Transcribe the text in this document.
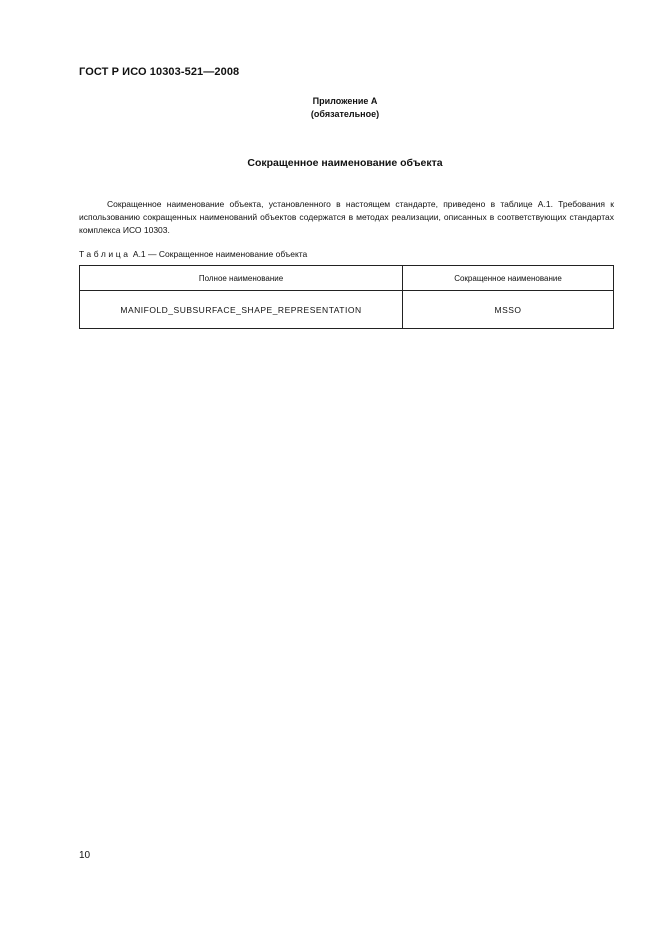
ГОСТ Р ИСО 10303-521—2008
Приложение А
(обязательное)
Сокращенное наименование объекта

Сокращенное наименование объекта, установленного в настоящем стандарте, приведено в таблице А.1. Требования к использованию сокращенных наименований объектов содержатся в методах реализации, описанных в соответствующих стандартах комплекса ИСО 10303.

Таблица А.1 — Сокращенное наименование объекта
Полное наименование	Сокращенное наименование
MANIFOLD_SUBSURFACE_SHAPE_REPRESENTATION	MSSO
10
